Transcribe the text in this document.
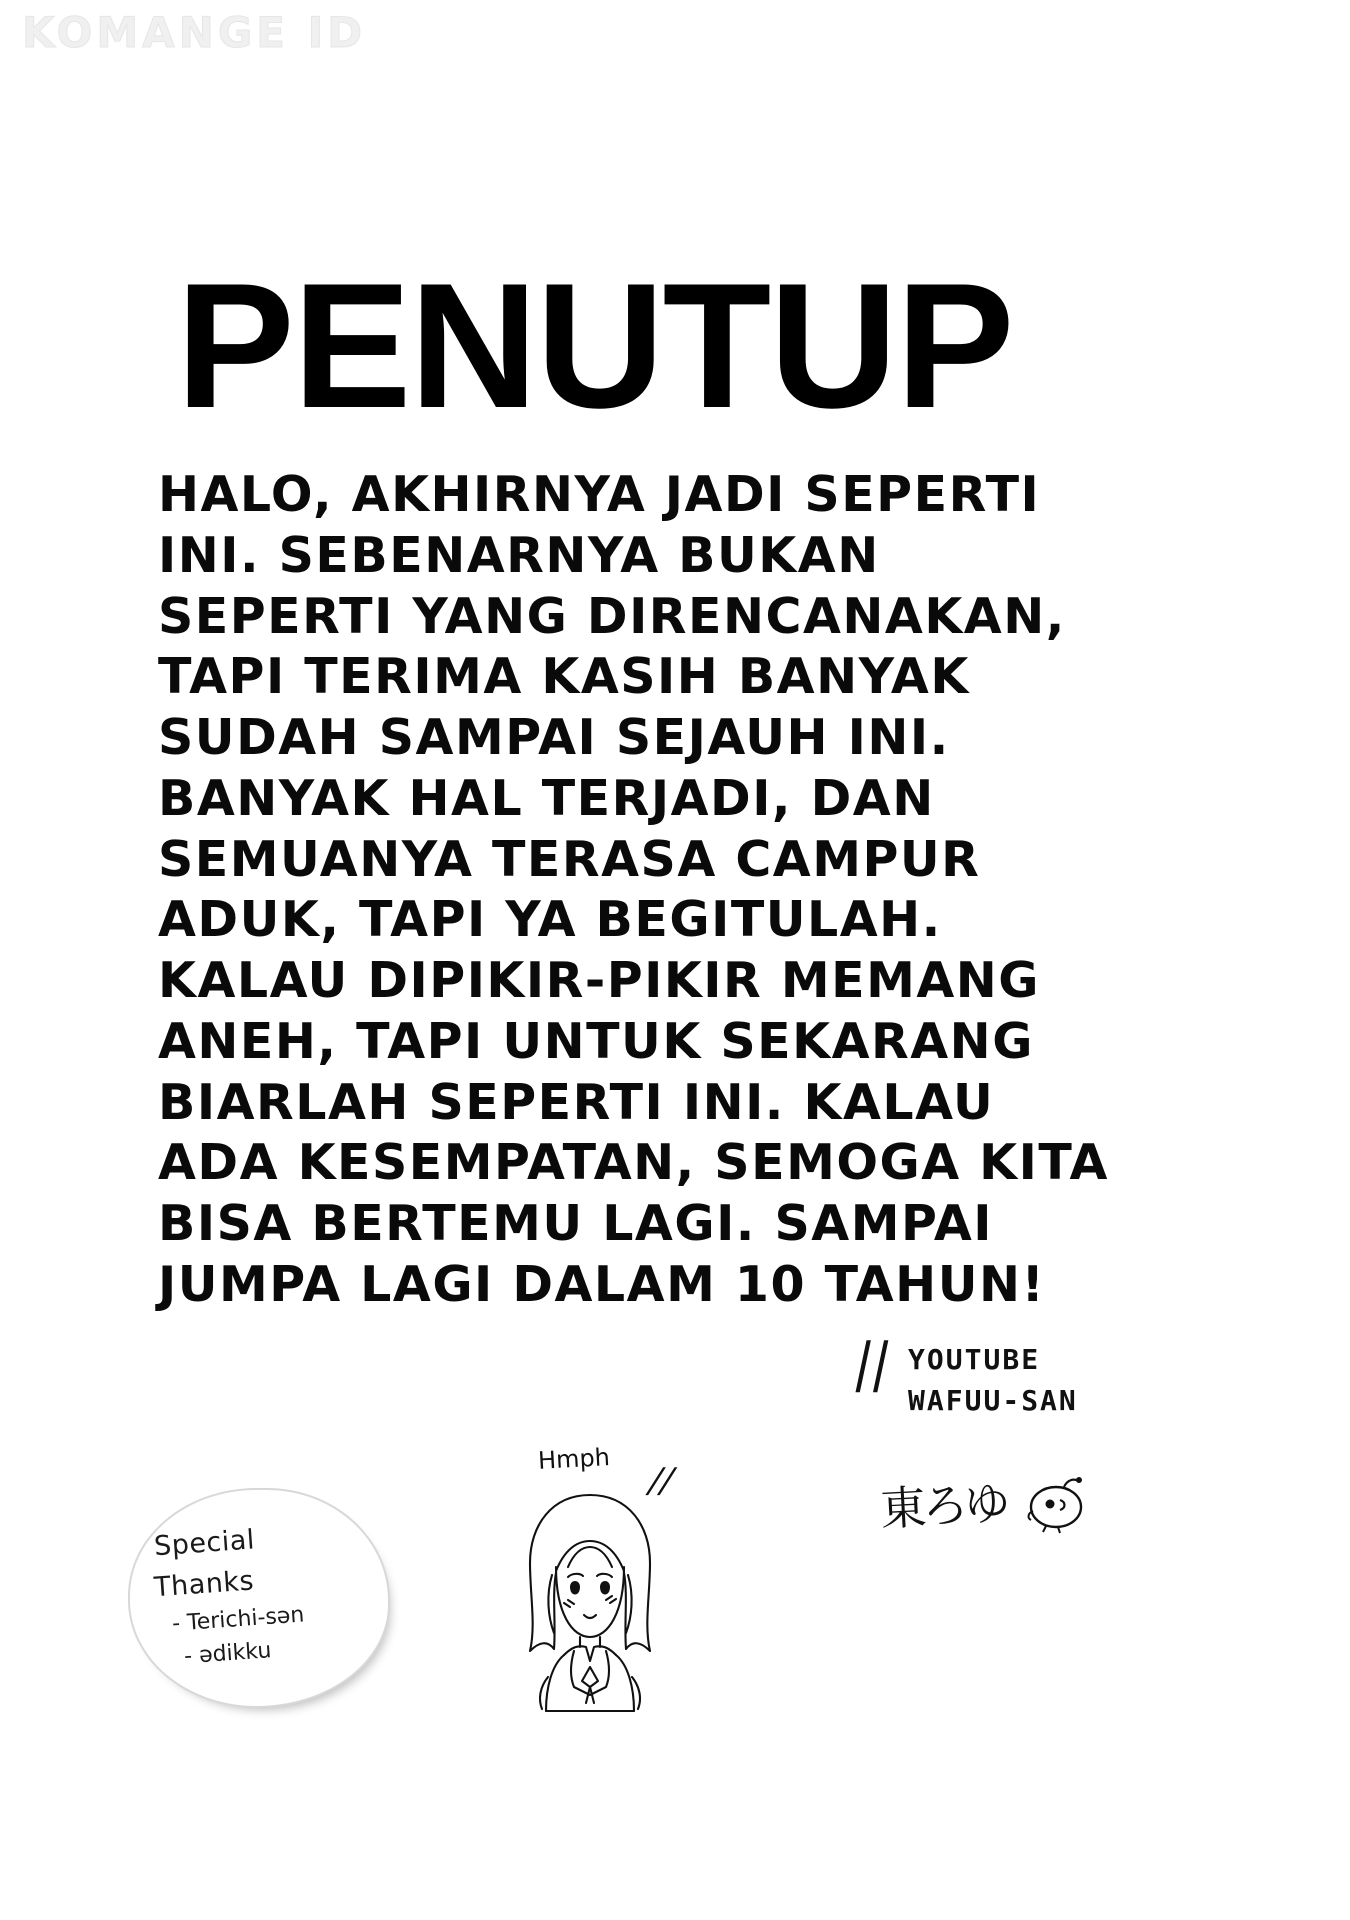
KOMANGE ID
PENUTUP
HALO, AKHIRNYA JADI SEPERTI INI. SEBENARNYA BUKAN SEPERTI YANG DIRENCANAKAN, TAPI TERIMA KASIH BANYAK SUDAH SAMPAI SEJAUH INI. BANYAK HAL TERJADI, DAN SEMUANYA TERASA CAMPUR ADUK, TAPI YA BEGITULAH. KALAU DIPIKIR-PIKIR MEMANG ANEH, TAPI UNTUK SEKARANG BIARLAH SEPERTI INI. KALAU ADA KESEMPATAN, SEMOGA KITA BISA BERTEMU LAGI. SAMPAI JUMPA LAGI DALAM 10 TAHUN!
|| YOUTUBE
WAFUU-SAN
東ろゆ
Special
Thanks
- Terichi-sən
- ədikku
Hmph
//
